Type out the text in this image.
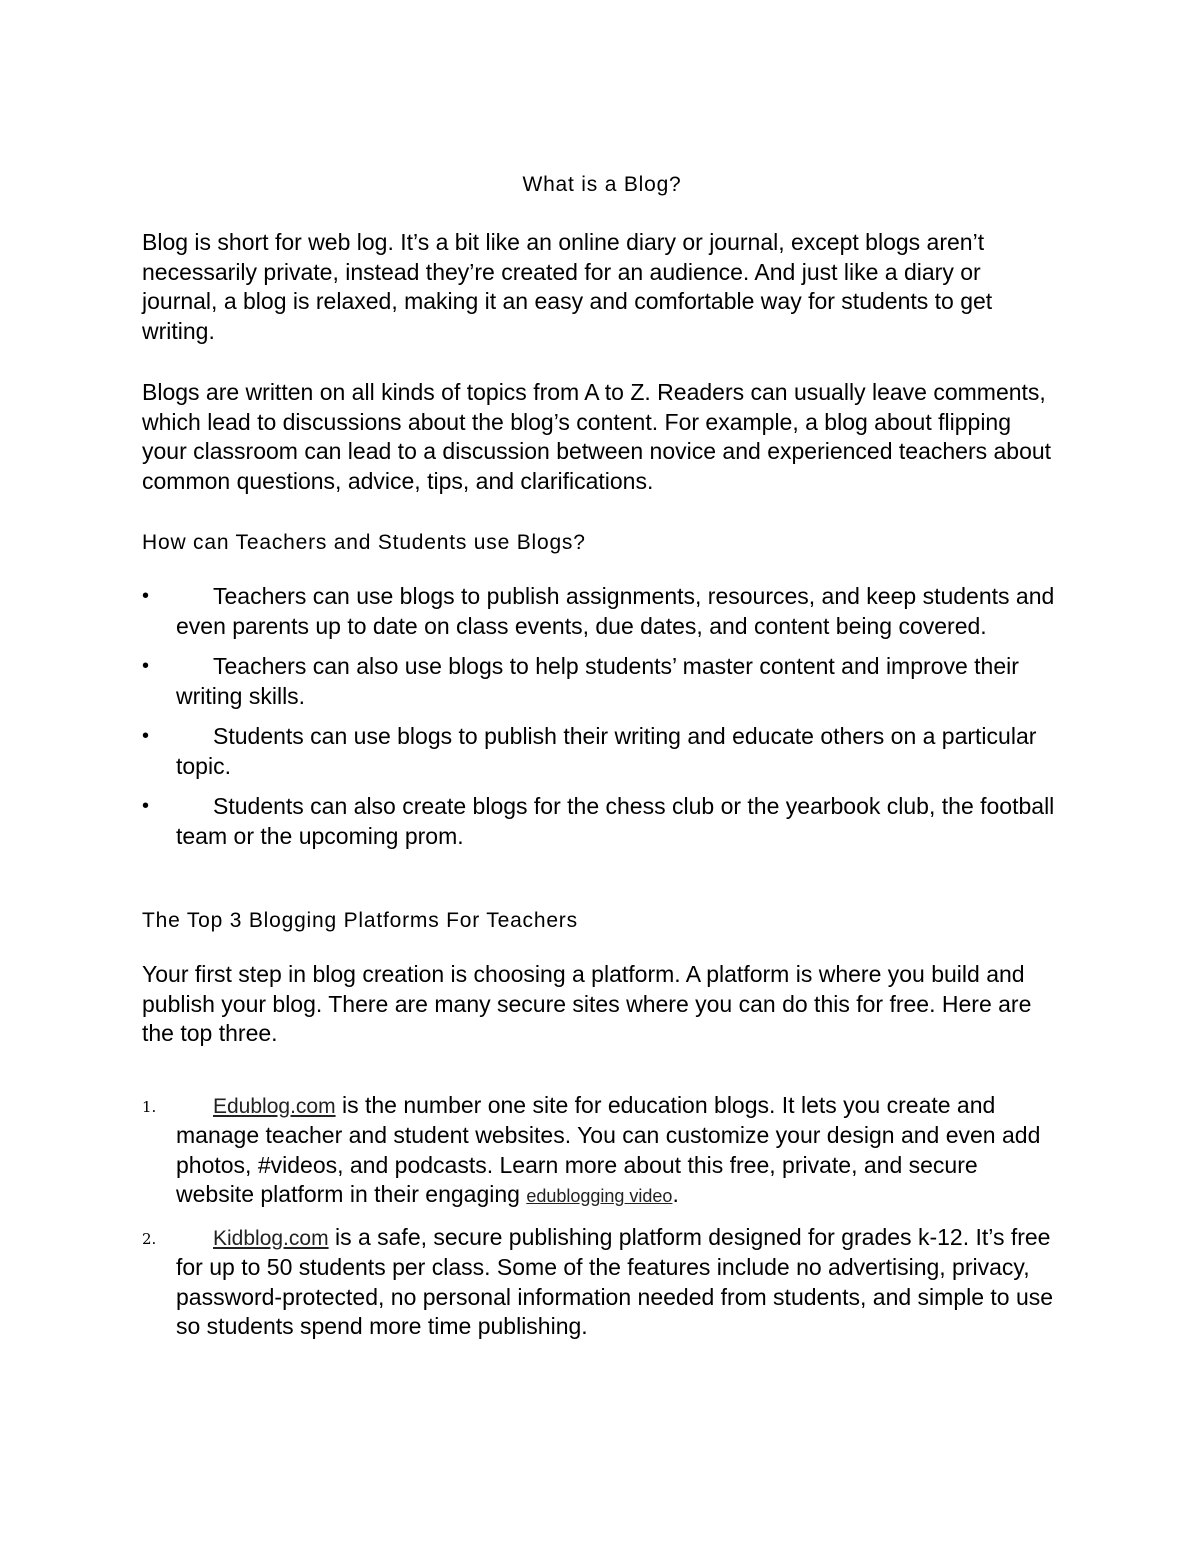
What is a Blog?

Blog is short for web log. It’s a bit like an online diary or journal, except blogs aren’t necessarily private, instead they’re created for an audience. And just like a diary or journal, a blog is relaxed, making it an easy and comfortable way for students to get writing.

Blogs are written on all kinds of topics from A to Z. Readers can usually leave comments, which lead to discussions about the blog’s content. For example, a blog about flipping your classroom can lead to a discussion between novice and experienced teachers about common questions, advice, tips, and clarifications.

How can Teachers and Students use Blogs?
•	Teachers can use blogs to publish assignments, resources, and keep students and even parents up to date on class events, due dates, and content being covered.
•	Teachers can also use blogs to help students’ master content and improve their writing skills.
•	Students can use blogs to publish their writing and educate others on a particular topic.
•	Students can also create blogs for the chess club or the yearbook club, the football team or the upcoming prom.
The Top 3 Blogging Platforms For Teachers

Your first step in blog creation is choosing a platform. A platform is where you build and publish your blog. There are many secure sites where you can do this for free. Here are the top three.

1.	Edublog.com is the number one site for education blogs. It lets you create and manage teacher and student websites. You can customize your design and even add photos, #videos, and podcasts. Learn more about this free, private, and secure website platform in their engaging edublogging video.
2.	Kidblog.com is a safe, secure publishing platform designed for grades k-12. It’s free for up to 50 students per class. Some of the features include no advertising, privacy, password-protected, no personal information needed from students, and simple to use so students spend more time publishing.
